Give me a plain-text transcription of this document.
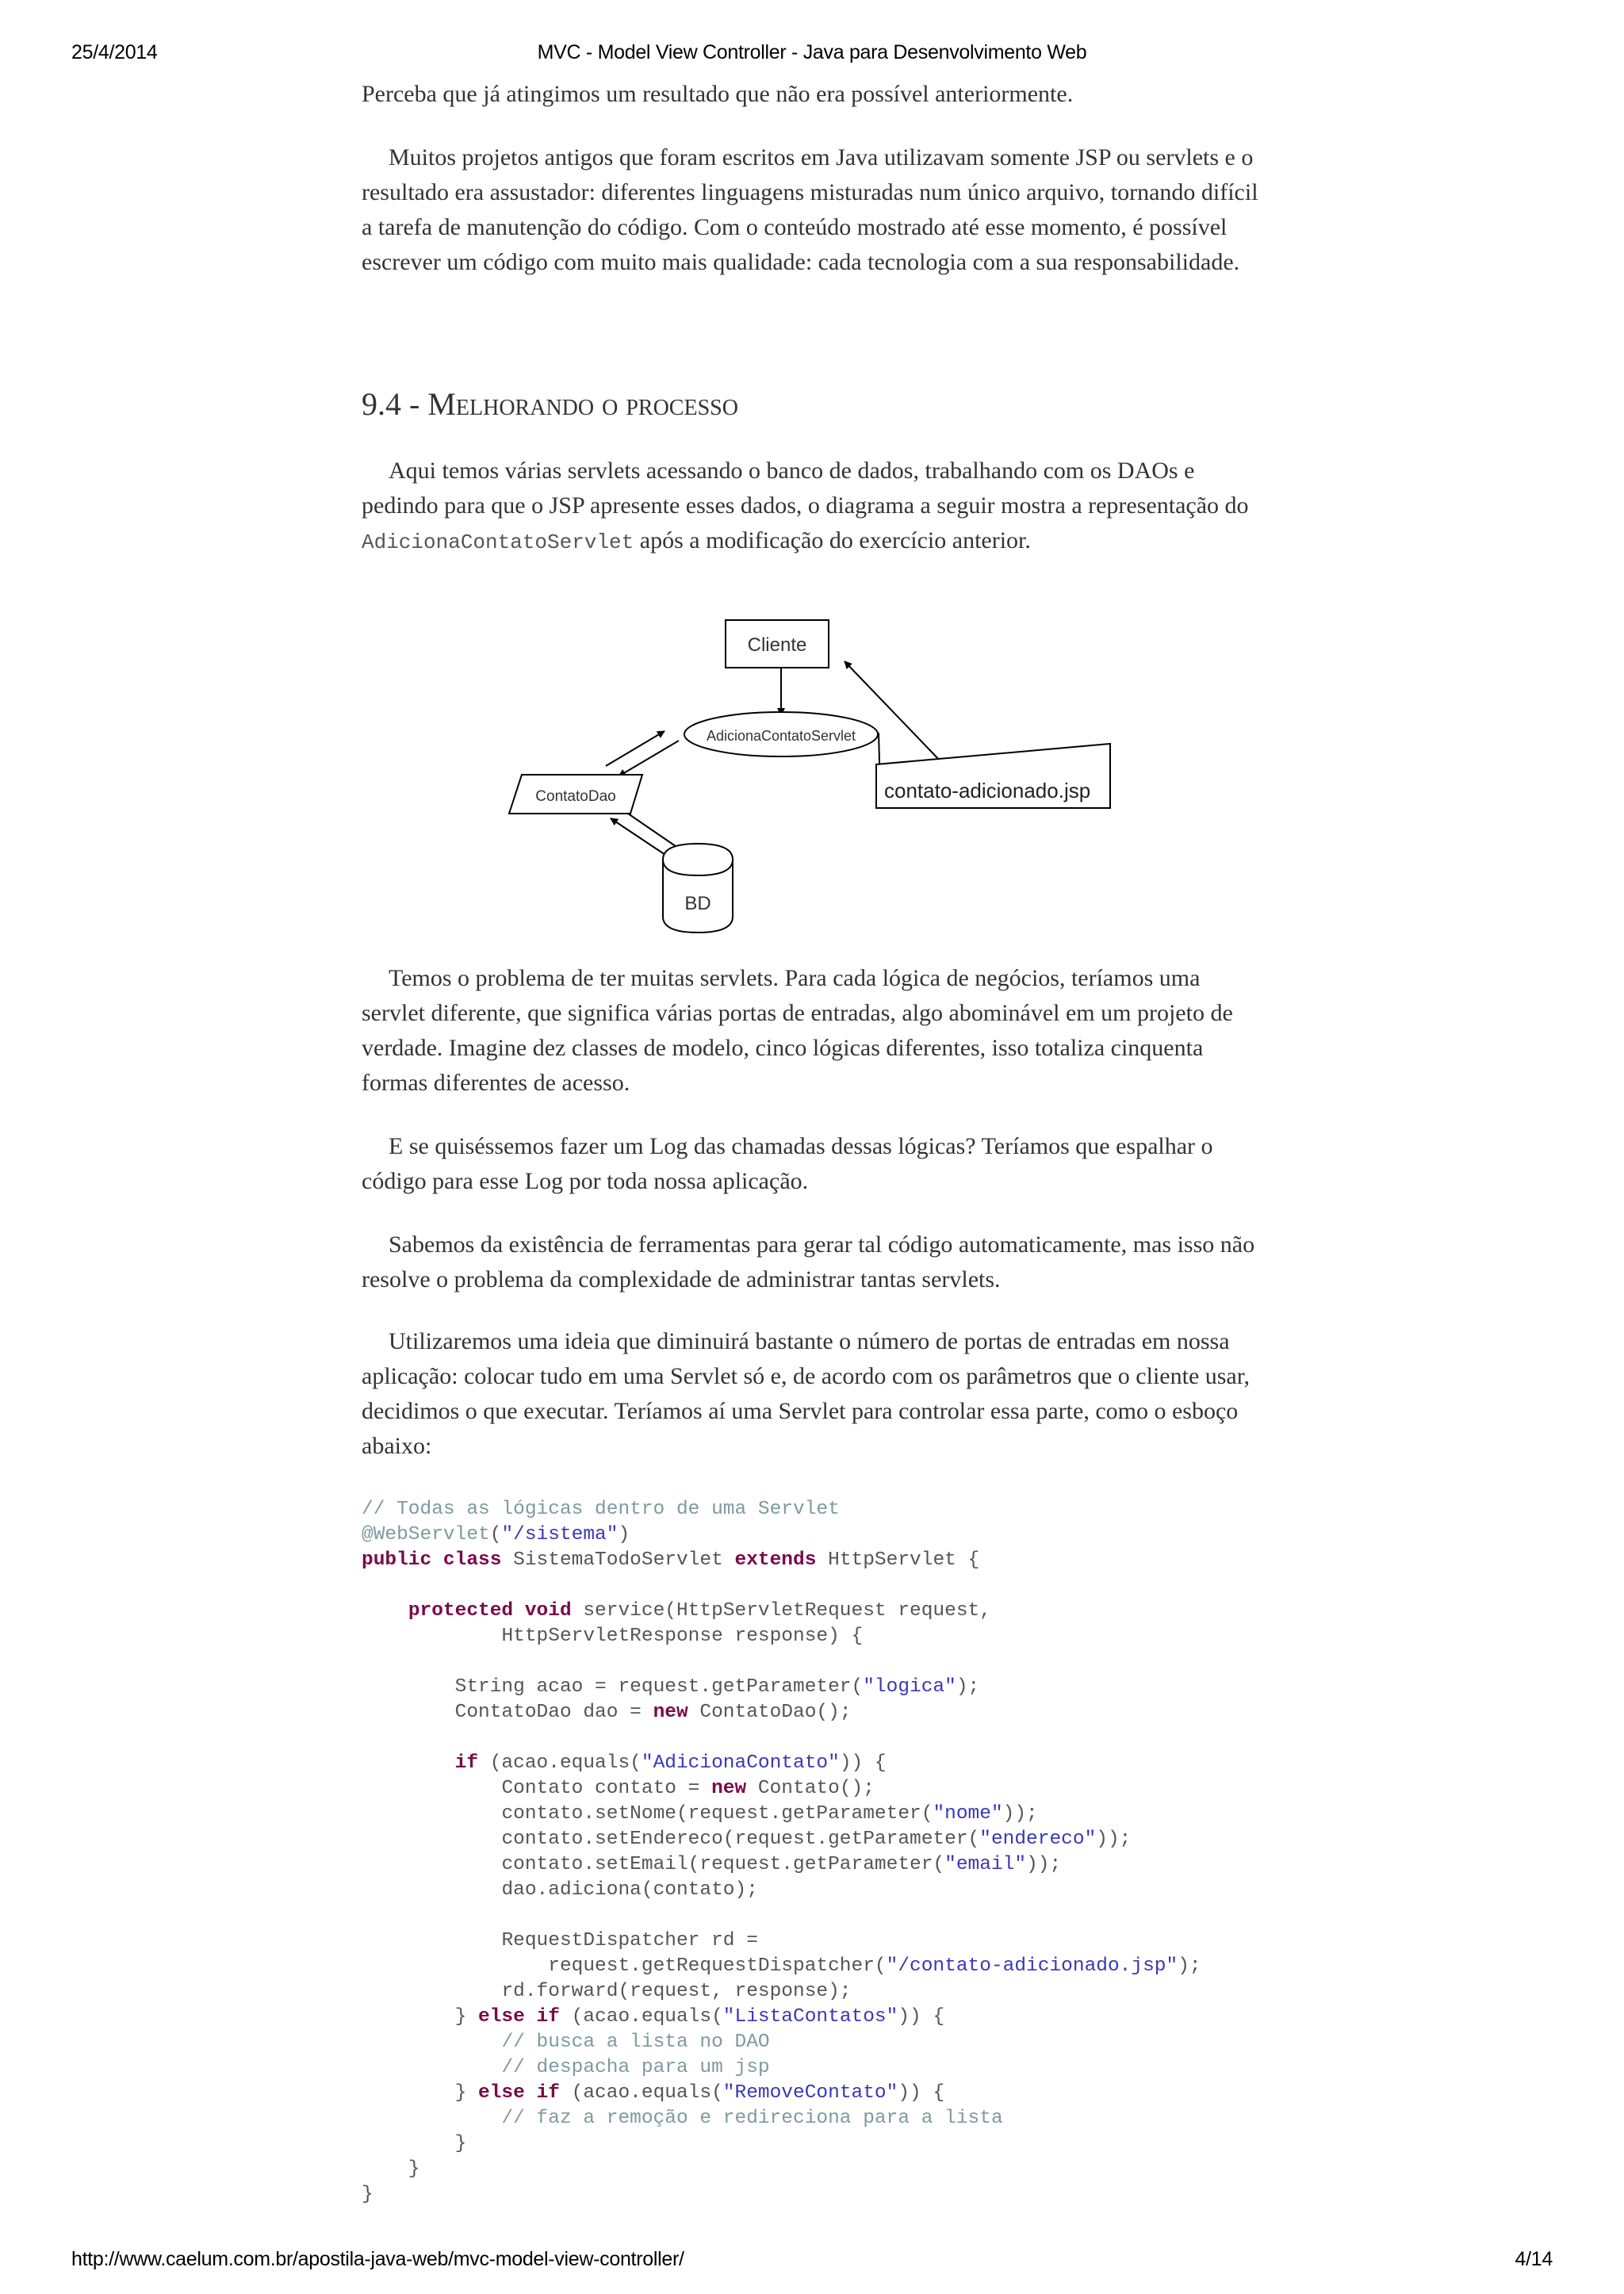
25/4/2014	MVC - Model View Controller - Java para Desenvolvimento Web

Perceba que já atingimos um resultado que não era possível anteriormente.

Muitos projetos antigos que foram escritos em Java utilizavam somente JSP ou servlets e o resultado era assustador: diferentes linguagens misturadas num único arquivo, tornando difícil a tarefa de manutenção do código. Com o conteúdo mostrado até esse momento, é possível escrever um código com muito mais qualidade: cada tecnologia com a sua responsabilidade.

9.4 - Melhorando o processo

Aqui temos várias servlets acessando o banco de dados, trabalhando com os DAOs e pedindo para que o JSP apresente esses dados, o diagrama a seguir mostra a representação do AdicionaContatoServlet após a modificação do exercício anterior.

Cliente
AdicionaContatoServlet
ContatoDao	contato-adicionado.jsp
BD

Temos o problema de ter muitas servlets. Para cada lógica de negócios, teríamos uma servlet diferente, que significa várias portas de entradas, algo abominável em um projeto de verdade. Imagine dez classes de modelo, cinco lógicas diferentes, isso totaliza cinquenta formas diferentes de acesso.

E se quiséssemos fazer um Log das chamadas dessas lógicas? Teríamos que espalhar o código para esse Log por toda nossa aplicação.

Sabemos da existência de ferramentas para gerar tal código automaticamente, mas isso não resolve o problema da complexidade de administrar tantas servlets.

Utilizaremos uma ideia que diminuirá bastante o número de portas de entradas em nossa aplicação: colocar tudo em uma Servlet só e, de acordo com os parâmetros que o cliente usar, decidimos o que executar. Teríamos aí uma Servlet para controlar essa parte, como o esboço abaixo:

// Todas as lógicas dentro de uma Servlet
@WebServlet("/sistema")
public class SistemaTodoServlet extends HttpServlet {

protected void service(HttpServletRequest request,
HttpServletResponse response) {

String acao = request.getParameter("logica");
ContatoDao dao = new ContatoDao();

if (acao.equals("AdicionaContato")) {
Contato contato = new Contato();
contato.setNome(request.getParameter("nome"));
contato.setEndereco(request.getParameter("endereco"));
contato.setEmail(request.getParameter("email"));
dao.adiciona(contato);

RequestDispatcher rd =
request.getRequestDispatcher("/contato-adicionado.jsp");
rd.forward(request, response);
} else if (acao.equals("ListaContatos")) {
// busca a lista no DAO
// despacha para um jsp
} else if (acao.equals("RemoveContato")) {
// faz a remoção e redireciona para a lista
}
}
}
http://www.caelum.com.br/apostila-java-web/mvc-model-view-controller/	4/14
